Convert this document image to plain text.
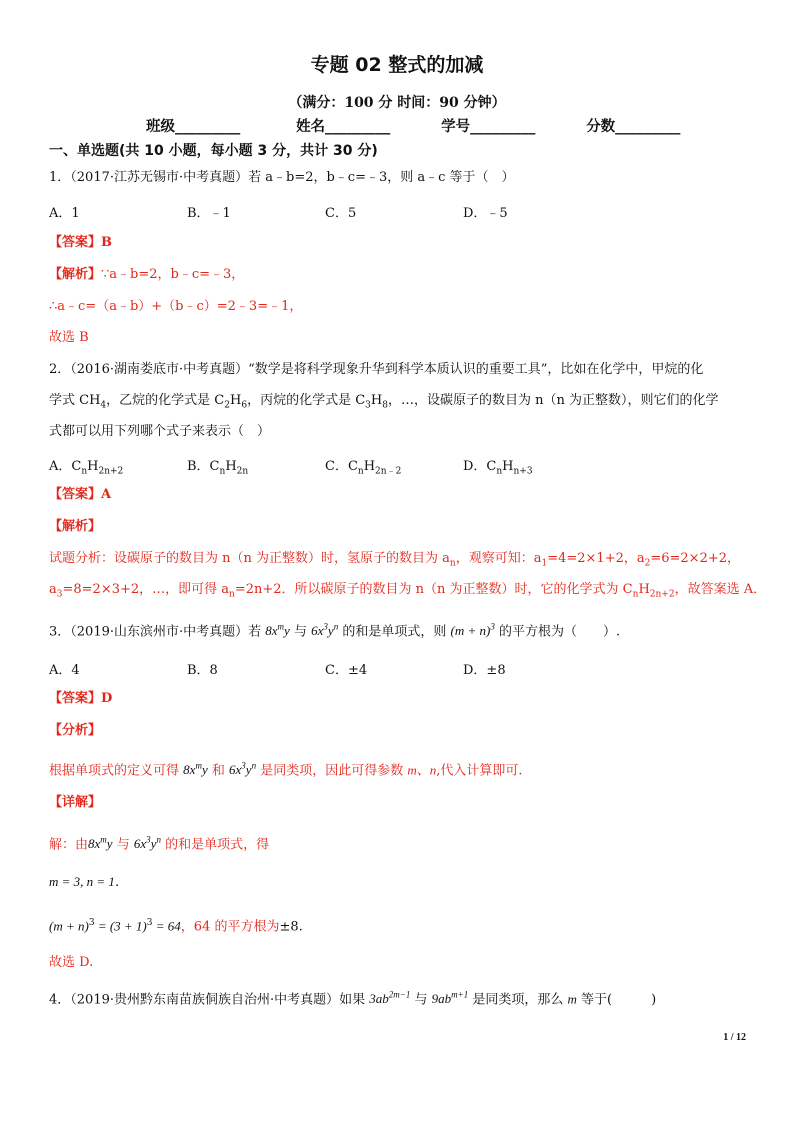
专题 02 整式的加减
（满分：100 分 时间：90 分钟）
班级_________	姓名_________	学号_________	分数_________
一、单选题(共 10 小题，每小题 3 分，共计 30 分)
1．（2017·江苏无锡市·中考真题）若 a﹣b=2，b﹣c=﹣3，则 a﹣c 等于（　）
A．1	B．﹣1	C．5	D．﹣5
【答案】B
【解析】∵a﹣b=2，b﹣c=﹣3，
∴a﹣c=（a﹣b）+（b﹣c）=2﹣3=﹣1，
故选 B
2．（2016·湖南娄底市·中考真题）“数学是将科学现象升华到科学本质认识的重要工具”，比如在化学中，甲烷的化
学式 $CH_4$，乙烷的化学式是 $C_2H_6$，丙烷的化学式是 $C_3H_8$，…，设碳原子的数目为 n（n 为正整数），则它们的化学
式都可以用下列哪个式子来表示（　）
A．$C_nH_{2n+2}$	B．$C_nH_{2n}$	C．$C_nH_{2n﹣2}$	D．$C_nH_{n+3}$
【答案】A
【解析】
试题分析：设碳原子的数目为 n（n 为正整数）时，氢原子的数目为 $a_n$，观察可知：$a_1=4=2\times 1+2$，$a_2=6=2\times 2+2$，
$a_3=8=2\times 3+2$，…，即可得 $a_n=2n+2$．所以碳原子的数目为 n（n 为正整数）时，它的化学式为 $C_nH_{2n+2}$，故答案选 A．
3．（2019·山东滨州市·中考真题）若 $8x^my$ 与 $6x^3y^n$ 的和是单项式，则 $(m + n)^3$ 的平方根为（　　）.
A．4	B．8	C．±4	D．±8
【答案】D
【分析】
根据单项式的定义可得 $8x^my$ 和 $6x^3y^n$ 是同类项，因此可得参数 m、n,代入计算即可.
【详解】
解：由$8x^my$ 与 $6x^3y^n$ 的和是单项式，得
m = 3, n = 1.
$(m + n)^3 = (3 + 1)^3 = 64$，64 的平方根为±8.
故选 D.
4．（2019·贵州黔东南苗族侗族自治州·中考真题）如果 $3ab^{2m-1}$ 与 $9ab^{m+1}$ 是同类项，那么 m 等于(　　　)
1 / 12
